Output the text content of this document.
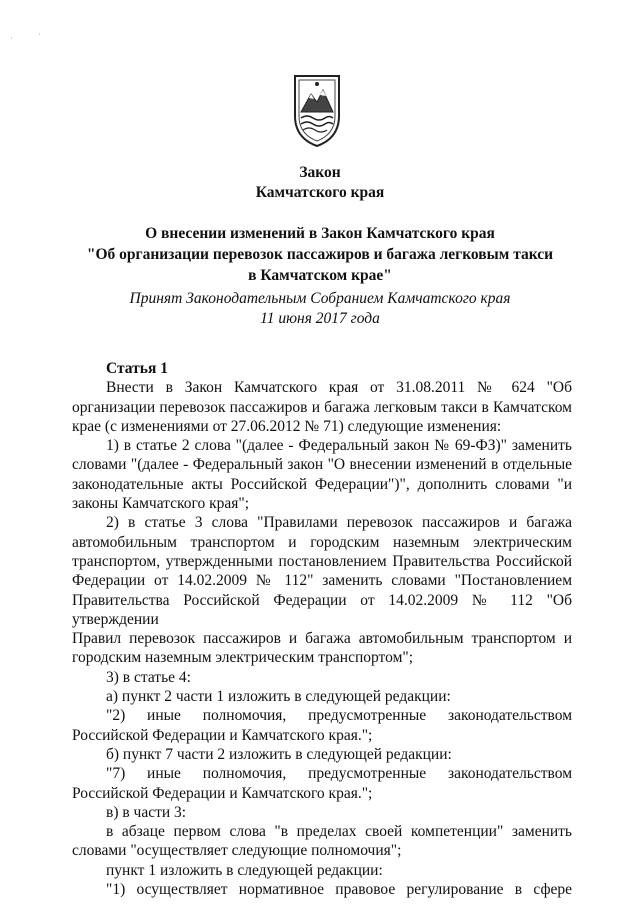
·	·
Закон
Камчатского края
О внесении изменений в Закон Камчатского края
"Об организации перевозок пассажиров и багажа легковым такси
в Камчатском крае"
Принят Законодательным Собранием Камчатского края
11 июня 2017 года
Статья 1
Внести в Закон Камчатского края от 31.08.2011 № 624 "Об
организации перевозок пассажиров и багажа легковым такси в Камчатском
крае (с изменениями от 27.06.2012 № 71) следующие изменения:
1) в статье 2 слова "(далее - Федеральный закон № 69-ФЗ)" заменить
словами "(далее - Федеральный закон "О внесении изменений в отдельные
законодательные акты Российской Федерации")", дополнить словами "и
законы Камчатского края";
2) в статье 3 слова "Правилами перевозок пассажиров и багажа
автомобильным транспортом и городским наземным электрическим
транспортом, утвержденными постановлением Правительства Российской
Федерации от 14.02.2009 № 112" заменить словами "Постановлением
Правительства Российской Федерации от 14.02.2009 № 112 "Об утверждении
Правил перевозок пассажиров и багажа автомобильным транспортом и
городским наземным электрическим транспортом";
3) в статье 4:
а) пункт 2 части 1 изложить в следующей редакции:
"2) иные полномочия, предусмотренные законодательством
Российской Федерации и Камчатского края.";
б) пункт 7 части 2 изложить в следующей редакции:
"7) иные полномочия, предусмотренные законодательством
Российской Федерации и Камчатского края.";
в) в части 3:
в абзаце первом слова "в пределах своей компетенции" заменить
словами "осуществляет следующие полномочия";
пункт 1 изложить в следующей редакции:
"1) осуществляет нормативное правовое регулирование в сфере
